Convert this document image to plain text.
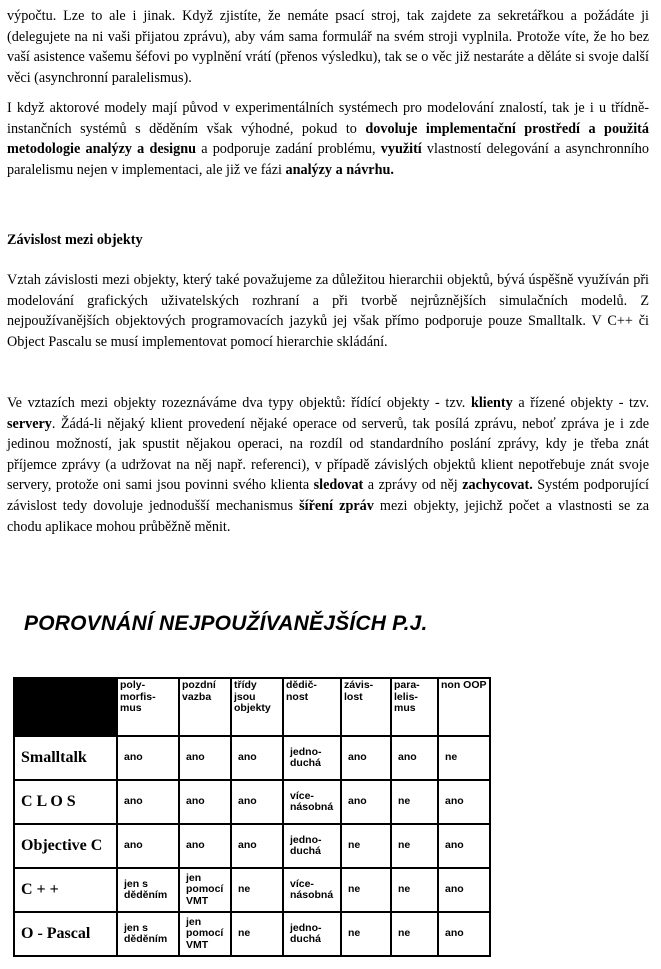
výpočtu. Lze to ale i jinak. Když zjistíte, že nemáte psací stroj, tak zajdete za sekretářkou a požádáte ji (delegujete na ni vaši přijatou zprávu), aby vám sama formulář na svém stroji vyplnila. Protože víte, že ho bez vaší asistence vašemu šéfovi po vyplnění vrátí (přenos výsledku), tak se o věc již nestaráte a děláte si svoje další věci (asynchronní paralelismus).

I když aktorové modely mají původ v experimentálních systémech pro modelování znalostí, tak je i u třídně-instančních systémů s děděním však výhodné, pokud to dovoluje implementační prostředí a použitá metodologie analýzy a designu a podporuje zadání problému, využití vlastností delegování a asynchronního paralelismu nejen v implementaci, ale již ve fázi analýzy a návrhu.

Závislost mezi objekty

Vztah závislosti mezi objekty, který také považujeme za důležitou hierarchii objektů, bývá úspěšně využíván při modelování grafických uživatelských rozhraní a při tvorbě nejrůznějších simulačních modelů. Z nejpoužívanějších objektových programovacích jazyků jej však přímo podporuje pouze Smalltalk. V C++ či Object Pascalu se musí implementovat pomocí hierarchie skládání.

Ve vztazích mezi objekty rozeznáváme dva typy objektů: řídící objekty - tzv. klienty a řízené objekty - tzv. servery. Žádá-li nějaký klient provedení nějaké operace od serverů, tak posílá zprávu, neboť zpráva je i zde jedinou možností, jak spustit nějakou operaci, na rozdíl od standardního poslání zprávy, kdy je třeba znát příjemce zprávy (a udržovat na něj např. referenci), v případě závislých objektů klient nepotřebuje znát svoje servery, protože oni sami jsou povinni svého klienta sledovat a zprávy od něj zachycovat. Systém podporující závislost tedy dovoluje jednodušší mechanismus šíření zpráv mezi objekty, jejichž počet a vlastnosti se za chodu aplikace mohou průběžně měnit.

POROVNÁNÍ NEJPOUŽÍVANĚJŠÍCH P.J.
	poly-morfis-mus	pozdní vazba	třídy jsou objekty	dědič-nost	závis-lost	para-lelis-mus	non OOP
Smalltalk	ano	ano	ano	jedno-duchá	ano	ano	ne
C L O S	ano	ano	ano	více-násobná	ano	ne	ano
Objective C	ano	ano	ano	jedno-duchá	ne	ne	ano
C + +	jen s děděním	jen pomocí VMT	ne	více-násobná	ne	ne	ano
O - Pascal	jen s děděním	jen pomocí VMT	ne	jedno-duchá	ne	ne	ano
